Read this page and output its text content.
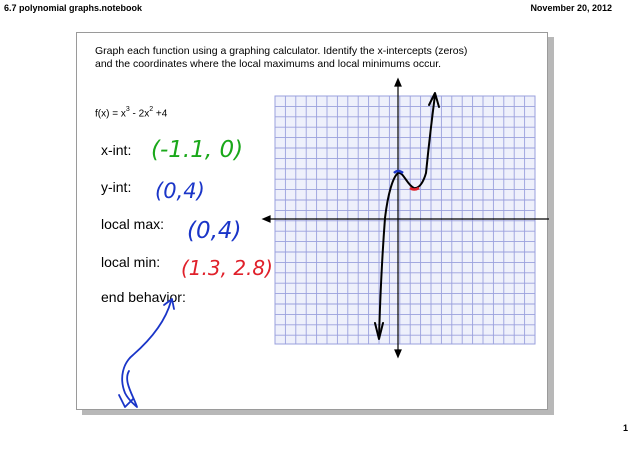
6.7 polynomial graphs.notebook	November 20, 2012
Graph each function using a graphing calculator. Identify the x-intercepts (zeros) and the coordinates where the local maximums and local minimums occur.
$f(x) = x^3 - 2x^2 +4$
x-int:
y-int:
local max:
local min:
end behavior:
(-1.1, 0)
(0,4)
(0,4)
(1.3, 2.8)
1
